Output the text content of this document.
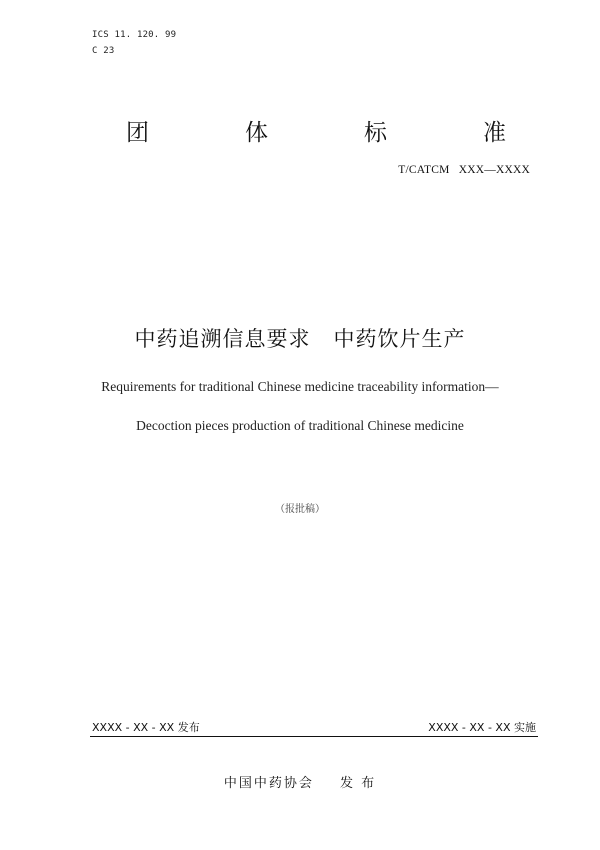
ICS 11. 120. 99
C 23
团	体	标	准
T/CATCM   XXX—XXXX
中药追溯信息要求   中药饮片生产
Requirements for traditional Chinese medicine traceability information—
Decoction pieces production of traditional Chinese medicine
（报批稿）
XXXX - XX - XX 发布	XXXX - XX - XX 实施
中国中药协会 发 布
